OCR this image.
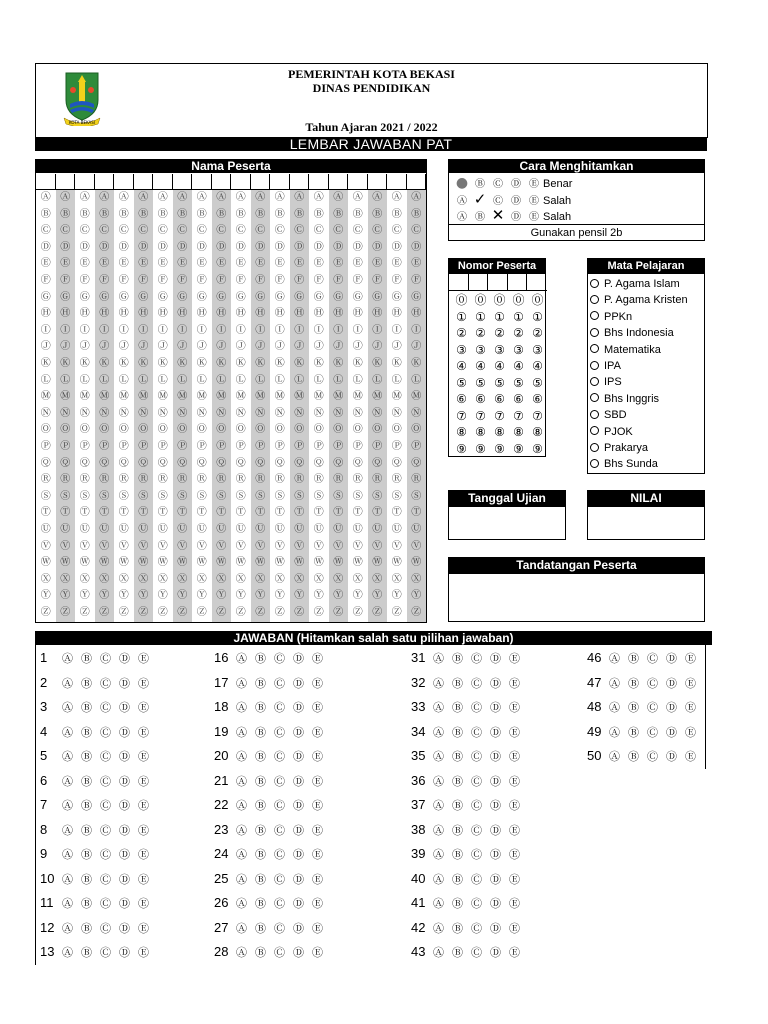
KOTA BEKASI
PEMERINTAH KOTA BEKASI
DINAS PENDIDIKAN
Tahun Ajaran 2021 / 2022
LEMBAR JAWABAN PAT
Nama Peserta
Ⓐ
Ⓑ
Ⓒ
Ⓓ
Ⓔ
Ⓕ
Ⓖ
Ⓗ
Ⓘ
Ⓙ
Ⓚ
Ⓛ
Ⓜ
Ⓝ
Ⓞ
Ⓟ
Ⓠ
Ⓡ
Ⓢ
Ⓣ
Ⓤ
Ⓥ
Ⓦ
Ⓧ
Ⓨ
Ⓩ
Ⓐ
Ⓑ
Ⓒ
Ⓓ
Ⓔ
Ⓕ
Ⓖ
Ⓗ
Ⓘ
Ⓙ
Ⓚ
Ⓛ
Ⓜ
Ⓝ
Ⓞ
Ⓟ
Ⓠ
Ⓡ
Ⓢ
Ⓣ
Ⓤ
Ⓥ
Ⓦ
Ⓧ
Ⓨ
Ⓩ
Ⓐ
Ⓑ
Ⓒ
Ⓓ
Ⓔ
Ⓕ
Ⓖ
Ⓗ
Ⓘ
Ⓙ
Ⓚ
Ⓛ
Ⓜ
Ⓝ
Ⓞ
Ⓟ
Ⓠ
Ⓡ
Ⓢ
Ⓣ
Ⓤ
Ⓥ
Ⓦ
Ⓧ
Ⓨ
Ⓩ
Ⓐ
Ⓑ
Ⓒ
Ⓓ
Ⓔ
Ⓕ
Ⓖ
Ⓗ
Ⓘ
Ⓙ
Ⓚ
Ⓛ
Ⓜ
Ⓝ
Ⓞ
Ⓟ
Ⓠ
Ⓡ
Ⓢ
Ⓣ
Ⓤ
Ⓥ
Ⓦ
Ⓧ
Ⓨ
Ⓩ
Ⓐ
Ⓑ
Ⓒ
Ⓓ
Ⓔ
Ⓕ
Ⓖ
Ⓗ
Ⓘ
Ⓙ
Ⓚ
Ⓛ
Ⓜ
Ⓝ
Ⓞ
Ⓟ
Ⓠ
Ⓡ
Ⓢ
Ⓣ
Ⓤ
Ⓥ
Ⓦ
Ⓧ
Ⓨ
Ⓩ
Ⓐ
Ⓑ
Ⓒ
Ⓓ
Ⓔ
Ⓕ
Ⓖ
Ⓗ
Ⓘ
Ⓙ
Ⓚ
Ⓛ
Ⓜ
Ⓝ
Ⓞ
Ⓟ
Ⓠ
Ⓡ
Ⓢ
Ⓣ
Ⓤ
Ⓥ
Ⓦ
Ⓧ
Ⓨ
Ⓩ
Ⓐ
Ⓑ
Ⓒ
Ⓓ
Ⓔ
Ⓕ
Ⓖ
Ⓗ
Ⓘ
Ⓙ
Ⓚ
Ⓛ
Ⓜ
Ⓝ
Ⓞ
Ⓟ
Ⓠ
Ⓡ
Ⓢ
Ⓣ
Ⓤ
Ⓥ
Ⓦ
Ⓧ
Ⓨ
Ⓩ
Ⓐ
Ⓑ
Ⓒ
Ⓓ
Ⓔ
Ⓕ
Ⓖ
Ⓗ
Ⓘ
Ⓙ
Ⓚ
Ⓛ
Ⓜ
Ⓝ
Ⓞ
Ⓟ
Ⓠ
Ⓡ
Ⓢ
Ⓣ
Ⓤ
Ⓥ
Ⓦ
Ⓧ
Ⓨ
Ⓩ
Ⓐ
Ⓑ
Ⓒ
Ⓓ
Ⓔ
Ⓕ
Ⓖ
Ⓗ
Ⓘ
Ⓙ
Ⓚ
Ⓛ
Ⓜ
Ⓝ
Ⓞ
Ⓟ
Ⓠ
Ⓡ
Ⓢ
Ⓣ
Ⓤ
Ⓥ
Ⓦ
Ⓧ
Ⓨ
Ⓩ
Ⓐ
Ⓑ
Ⓒ
Ⓓ
Ⓔ
Ⓕ
Ⓖ
Ⓗ
Ⓘ
Ⓙ
Ⓚ
Ⓛ
Ⓜ
Ⓝ
Ⓞ
Ⓟ
Ⓠ
Ⓡ
Ⓢ
Ⓣ
Ⓤ
Ⓥ
Ⓦ
Ⓧ
Ⓨ
Ⓩ
Ⓐ
Ⓑ
Ⓒ
Ⓓ
Ⓔ
Ⓕ
Ⓖ
Ⓗ
Ⓘ
Ⓙ
Ⓚ
Ⓛ
Ⓜ
Ⓝ
Ⓞ
Ⓟ
Ⓠ
Ⓡ
Ⓢ
Ⓣ
Ⓤ
Ⓥ
Ⓦ
Ⓧ
Ⓨ
Ⓩ
Ⓐ
Ⓑ
Ⓒ
Ⓓ
Ⓔ
Ⓕ
Ⓖ
Ⓗ
Ⓘ
Ⓙ
Ⓚ
Ⓛ
Ⓜ
Ⓝ
Ⓞ
Ⓟ
Ⓠ
Ⓡ
Ⓢ
Ⓣ
Ⓤ
Ⓥ
Ⓦ
Ⓧ
Ⓨ
Ⓩ
Ⓐ
Ⓑ
Ⓒ
Ⓓ
Ⓔ
Ⓕ
Ⓖ
Ⓗ
Ⓘ
Ⓙ
Ⓚ
Ⓛ
Ⓜ
Ⓝ
Ⓞ
Ⓟ
Ⓠ
Ⓡ
Ⓢ
Ⓣ
Ⓤ
Ⓥ
Ⓦ
Ⓧ
Ⓨ
Ⓩ
Ⓐ
Ⓑ
Ⓒ
Ⓓ
Ⓔ
Ⓕ
Ⓖ
Ⓗ
Ⓘ
Ⓙ
Ⓚ
Ⓛ
Ⓜ
Ⓝ
Ⓞ
Ⓟ
Ⓠ
Ⓡ
Ⓢ
Ⓣ
Ⓤ
Ⓥ
Ⓦ
Ⓧ
Ⓨ
Ⓩ
Ⓐ
Ⓑ
Ⓒ
Ⓓ
Ⓔ
Ⓕ
Ⓖ
Ⓗ
Ⓘ
Ⓙ
Ⓚ
Ⓛ
Ⓜ
Ⓝ
Ⓞ
Ⓟ
Ⓠ
Ⓡ
Ⓢ
Ⓣ
Ⓤ
Ⓥ
Ⓦ
Ⓧ
Ⓨ
Ⓩ
Ⓐ
Ⓑ
Ⓒ
Ⓓ
Ⓔ
Ⓕ
Ⓖ
Ⓗ
Ⓘ
Ⓙ
Ⓚ
Ⓛ
Ⓜ
Ⓝ
Ⓞ
Ⓟ
Ⓠ
Ⓡ
Ⓢ
Ⓣ
Ⓤ
Ⓥ
Ⓦ
Ⓧ
Ⓨ
Ⓩ
Ⓐ
Ⓑ
Ⓒ
Ⓓ
Ⓔ
Ⓕ
Ⓖ
Ⓗ
Ⓘ
Ⓙ
Ⓚ
Ⓛ
Ⓜ
Ⓝ
Ⓞ
Ⓟ
Ⓠ
Ⓡ
Ⓢ
Ⓣ
Ⓤ
Ⓥ
Ⓦ
Ⓧ
Ⓨ
Ⓩ
Ⓐ
Ⓑ
Ⓒ
Ⓓ
Ⓔ
Ⓕ
Ⓖ
Ⓗ
Ⓘ
Ⓙ
Ⓚ
Ⓛ
Ⓜ
Ⓝ
Ⓞ
Ⓟ
Ⓠ
Ⓡ
Ⓢ
Ⓣ
Ⓤ
Ⓥ
Ⓦ
Ⓧ
Ⓨ
Ⓩ
Ⓐ
Ⓑ
Ⓒ
Ⓓ
Ⓔ
Ⓕ
Ⓖ
Ⓗ
Ⓘ
Ⓙ
Ⓚ
Ⓛ
Ⓜ
Ⓝ
Ⓞ
Ⓟ
Ⓠ
Ⓡ
Ⓢ
Ⓣ
Ⓤ
Ⓥ
Ⓦ
Ⓧ
Ⓨ
Ⓩ
Ⓐ
Ⓑ
Ⓒ
Ⓓ
Ⓔ
Ⓕ
Ⓖ
Ⓗ
Ⓘ
Ⓙ
Ⓚ
Ⓛ
Ⓜ
Ⓝ
Ⓞ
Ⓟ
Ⓠ
Ⓡ
Ⓢ
Ⓣ
Ⓤ
Ⓥ
Ⓦ
Ⓧ
Ⓨ
Ⓩ
Cara Menghitamkan
● Ⓑ Ⓒ Ⓓ Ⓔ Benar
Ⓐ ✓ Ⓒ Ⓓ Ⓔ Salah
Ⓐ Ⓑ ✕ Ⓓ Ⓔ Salah
Gunakan pensil 2b
Nomor Peserta
⓪ ⓪ ⓪ ⓪ ⓪
① ① ① ① ①
② ② ② ② ②
③ ③ ③ ③ ③
④ ④ ④ ④ ④
⑤ ⑤ ⑤ ⑤ ⑤
⑥ ⑥ ⑥ ⑥ ⑥
⑦ ⑦ ⑦ ⑦ ⑦
⑧ ⑧ ⑧ ⑧ ⑧
⑨ ⑨ ⑨ ⑨ ⑨
Mata Pelajaran
P. Agama Islam
P. Agama Kristen
PPKn
Bhs Indonesia
Matematika
IPA
IPS
Bhs Inggris
SBD
PJOK
Prakarya
Bhs Sunda
Tanggal Ujian	NILAI
Tandatangan Peserta
JAWABAN (Hitamkan salah satu pilihan jawaban)
1 Ⓐ Ⓑ Ⓒ Ⓓ Ⓔ
2 Ⓐ Ⓑ Ⓒ Ⓓ Ⓔ
3 Ⓐ Ⓑ Ⓒ Ⓓ Ⓔ
4 Ⓐ Ⓑ Ⓒ Ⓓ Ⓔ
5 Ⓐ Ⓑ Ⓒ Ⓓ Ⓔ
6 Ⓐ Ⓑ Ⓒ Ⓓ Ⓔ
7 Ⓐ Ⓑ Ⓒ Ⓓ Ⓔ
8 Ⓐ Ⓑ Ⓒ Ⓓ Ⓔ
9 Ⓐ Ⓑ Ⓒ Ⓓ Ⓔ
10 Ⓐ Ⓑ Ⓒ Ⓓ Ⓔ
11 Ⓐ Ⓑ Ⓒ Ⓓ Ⓔ
12 Ⓐ Ⓑ Ⓒ Ⓓ Ⓔ
13 Ⓐ Ⓑ Ⓒ Ⓓ Ⓔ
16 Ⓐ Ⓑ Ⓒ Ⓓ Ⓔ
17 Ⓐ Ⓑ Ⓒ Ⓓ Ⓔ
18 Ⓐ Ⓑ Ⓒ Ⓓ Ⓔ
19 Ⓐ Ⓑ Ⓒ Ⓓ Ⓔ
20 Ⓐ Ⓑ Ⓒ Ⓓ Ⓔ
21 Ⓐ Ⓑ Ⓒ Ⓓ Ⓔ
22 Ⓐ Ⓑ Ⓒ Ⓓ Ⓔ
23 Ⓐ Ⓑ Ⓒ Ⓓ Ⓔ
24 Ⓐ Ⓑ Ⓒ Ⓓ Ⓔ
25 Ⓐ Ⓑ Ⓒ Ⓓ Ⓔ
26 Ⓐ Ⓑ Ⓒ Ⓓ Ⓔ
27 Ⓐ Ⓑ Ⓒ Ⓓ Ⓔ
28 Ⓐ Ⓑ Ⓒ Ⓓ Ⓔ
31 Ⓐ Ⓑ Ⓒ Ⓓ Ⓔ
32 Ⓐ Ⓑ Ⓒ Ⓓ Ⓔ
33 Ⓐ Ⓑ Ⓒ Ⓓ Ⓔ
34 Ⓐ Ⓑ Ⓒ Ⓓ Ⓔ
35 Ⓐ Ⓑ Ⓒ Ⓓ Ⓔ
36 Ⓐ Ⓑ Ⓒ Ⓓ Ⓔ
37 Ⓐ Ⓑ Ⓒ Ⓓ Ⓔ
38 Ⓐ Ⓑ Ⓒ Ⓓ Ⓔ
39 Ⓐ Ⓑ Ⓒ Ⓓ Ⓔ
40 Ⓐ Ⓑ Ⓒ Ⓓ Ⓔ
41 Ⓐ Ⓑ Ⓒ Ⓓ Ⓔ
42 Ⓐ Ⓑ Ⓒ Ⓓ Ⓔ
43 Ⓐ Ⓑ Ⓒ Ⓓ Ⓔ
46 Ⓐ Ⓑ Ⓒ Ⓓ Ⓔ
47 Ⓐ Ⓑ Ⓒ Ⓓ Ⓔ
48 Ⓐ Ⓑ Ⓒ Ⓓ Ⓔ
49 Ⓐ Ⓑ Ⓒ Ⓓ Ⓔ
50 Ⓐ Ⓑ Ⓒ Ⓓ Ⓔ
